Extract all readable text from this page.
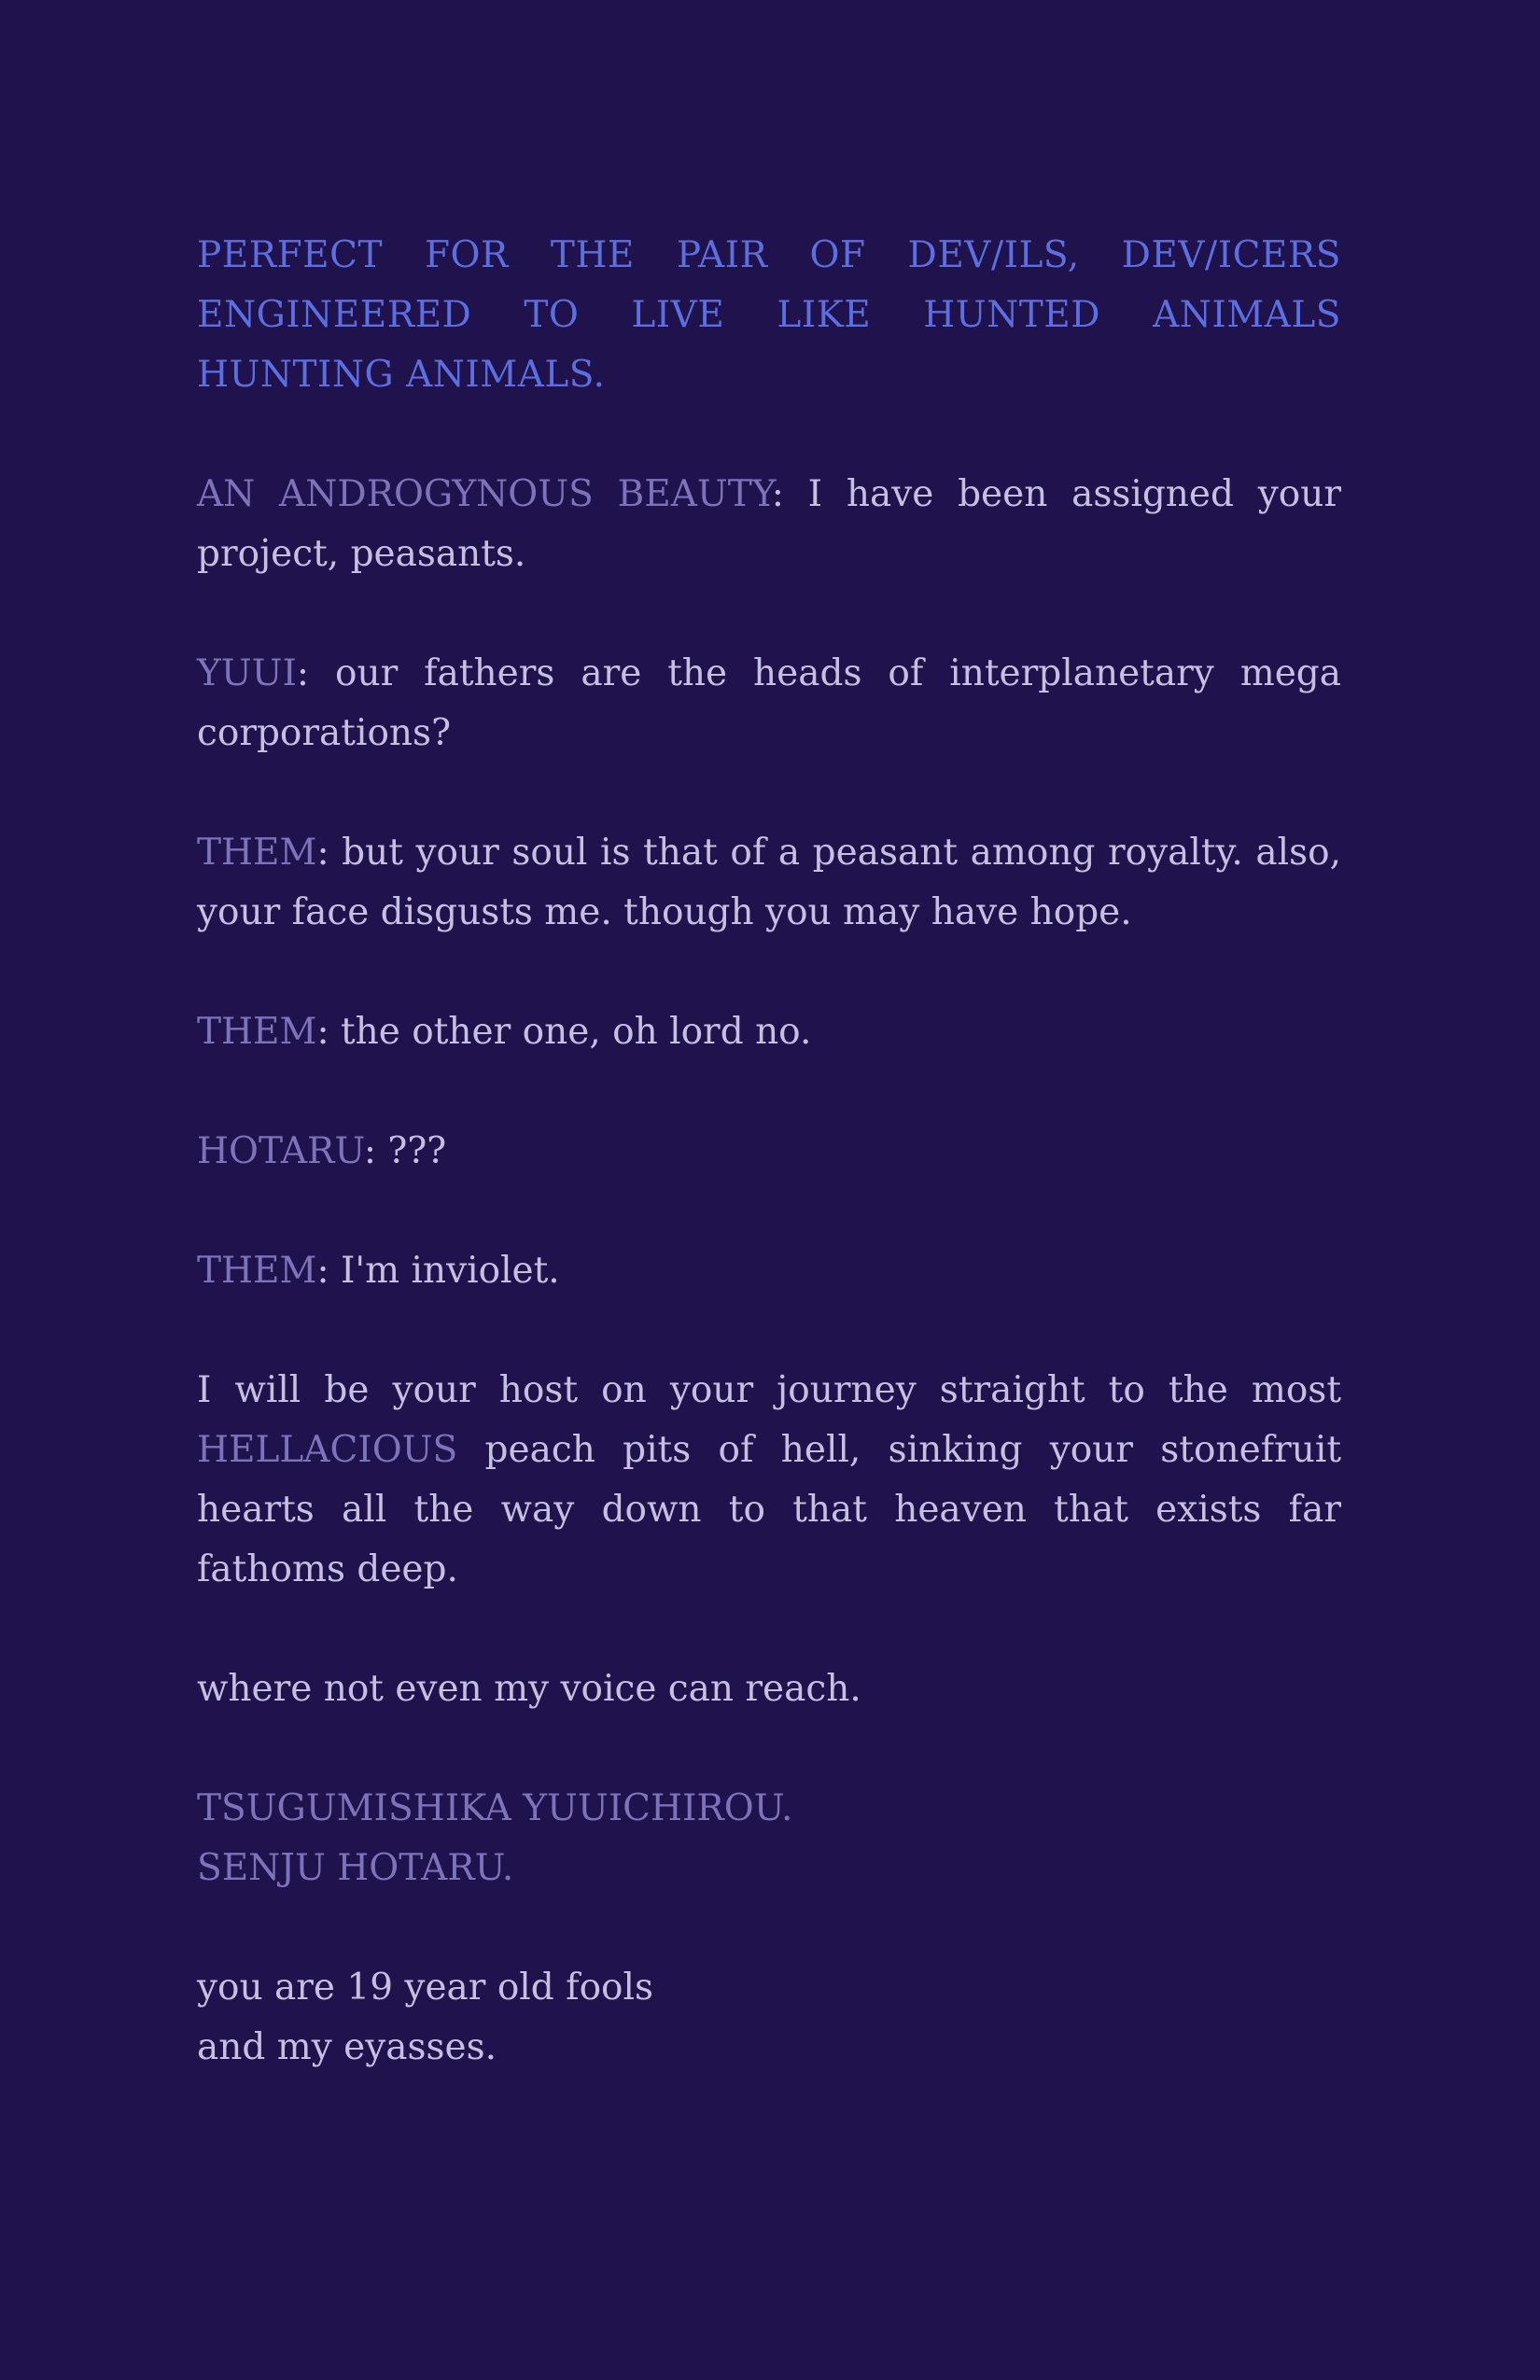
PERFECT FOR THE PAIR OF DEV/ILS, DEV/ICERS ENGINEERED TO LIVE LIKE HUNTED ANIMALS HUNTING ANIMALS.

AN ANDROGYNOUS BEAUTY: I have been assigned your project, peasants.

YUUI: our fathers are the heads of interplanetary mega corporations?

THEM: but your soul is that of a peasant among royalty. also, your face disgusts me. though you may have hope.

THEM: the other one, oh lord no.

HOTARU: ???

THEM: I'm inviolet.

I will be your host on your journey straight to the most HELLACIOUS peach pits of hell, sinking your stonefruit hearts all the way down to that heaven that exists far fathoms deep.

where not even my voice can reach.

TSUGUMISHIKA YUUICHIROU.
SENJU HOTARU.

you are 19 year old fools
and my eyasses.
